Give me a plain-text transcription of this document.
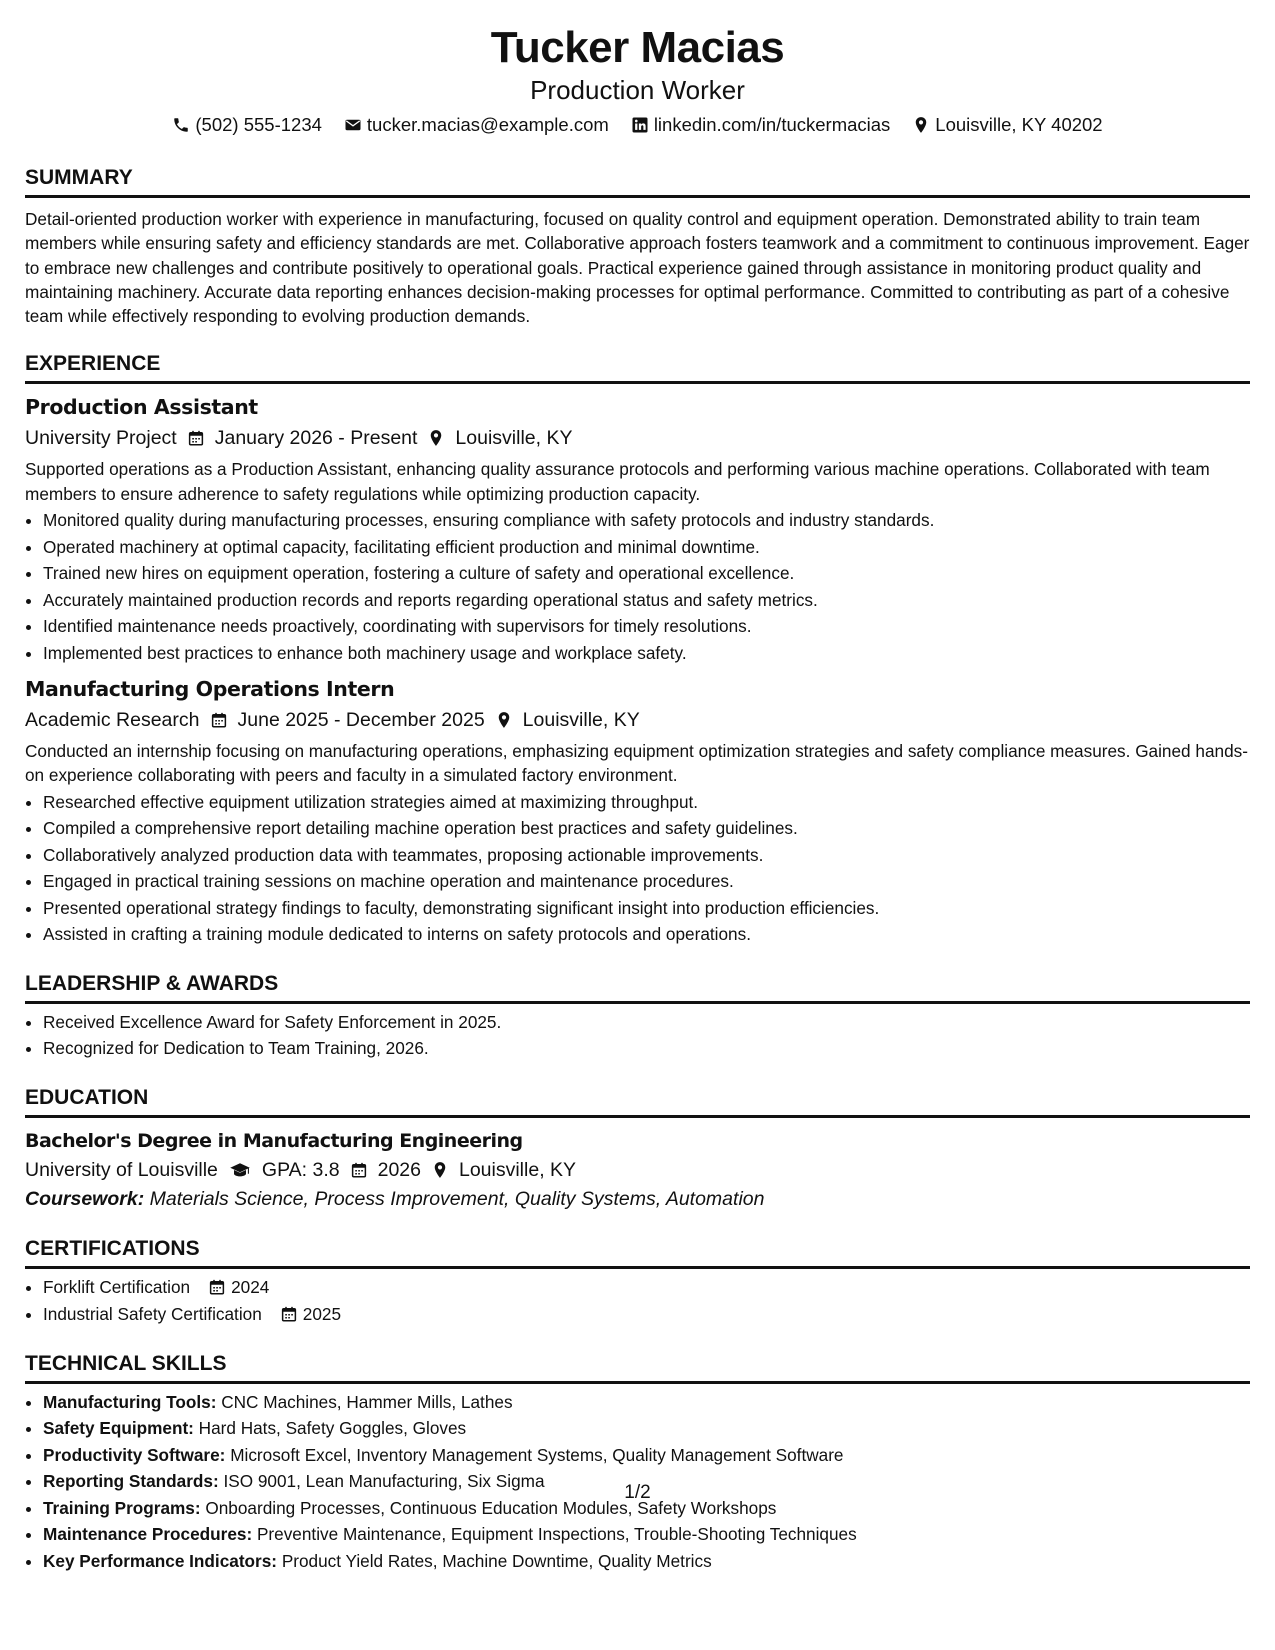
Tucker Macias
Production Worker
(502) 555-1234 tucker.macias@example.com linkedin.com/in/tuckermacias Louisville, KY 40202
SUMMARY

Detail-oriented production worker with experience in manufacturing, focused on quality control and equipment operation. Demonstrated ability to train team members while ensuring safety and efficiency standards are met. Collaborative approach fosters teamwork and a commitment to continuous improvement. Eager to embrace new challenges and contribute positively to operational goals. Practical experience gained through assistance in monitoring product quality and maintaining machinery. Accurate data reporting enhances decision-making processes for optimal performance. Committed to contributing as part of a cohesive team while effectively responding to evolving production demands.

EXPERIENCE
Production Assistant
University Project January 2026 - Present Louisville, KY

Supported operations as a Production Assistant, enhancing quality assurance protocols and performing various machine operations. Collaborated with team members to ensure adherence to safety regulations while optimizing production capacity.

• Monitored quality during manufacturing processes, ensuring compliance with safety protocols and industry standards.
• Operated machinery at optimal capacity, facilitating efficient production and minimal downtime.
• Trained new hires on equipment operation, fostering a culture of safety and operational excellence.
• Accurately maintained production records and reports regarding operational status and safety metrics.
• Identified maintenance needs proactively, coordinating with supervisors for timely resolutions.
• Implemented best practices to enhance both machinery usage and workplace safety.
Manufacturing Operations Intern
Academic Research June 2025 - December 2025 Louisville, KY

Conducted an internship focusing on manufacturing operations, emphasizing equipment optimization strategies and safety compliance measures. Gained hands-on experience collaborating with peers and faculty in a simulated factory environment.

• Researched effective equipment utilization strategies aimed at maximizing throughput.
• Compiled a comprehensive report detailing machine operation best practices and safety guidelines.
• Collaboratively analyzed production data with teammates, proposing actionable improvements.
• Engaged in practical training sessions on machine operation and maintenance procedures.
• Presented operational strategy findings to faculty, demonstrating significant insight into production efficiencies.
• Assisted in crafting a training module dedicated to interns on safety protocols and operations.
LEADERSHIP & AWARDS
• Received Excellence Award for Safety Enforcement in 2025.
• Recognized for Dedication to Team Training, 2026.
EDUCATION
Bachelor's Degree in Manufacturing Engineering
University of Louisville GPA: 3.8 2026 Louisville, KY
Coursework: Materials Science, Process Improvement, Quality Systems, Automation
CERTIFICATIONS
• Forklift Certification 2024
• Industrial Safety Certification 2025
TECHNICAL SKILLS
• Manufacturing Tools: CNC Machines, Hammer Mills, Lathes
• Safety Equipment: Hard Hats, Safety Goggles, Gloves
• Productivity Software: Microsoft Excel, Inventory Management Systems, Quality Management Software
• Reporting Standards: ISO 9001, Lean Manufacturing, Six Sigma
• Training Programs: Onboarding Processes, Continuous Education Modules, Safety Workshops
• Maintenance Procedures: Preventive Maintenance, Equipment Inspections, Trouble-Shooting Techniques
• Key Performance Indicators: Product Yield Rates, Machine Downtime, Quality Metrics
1/2
